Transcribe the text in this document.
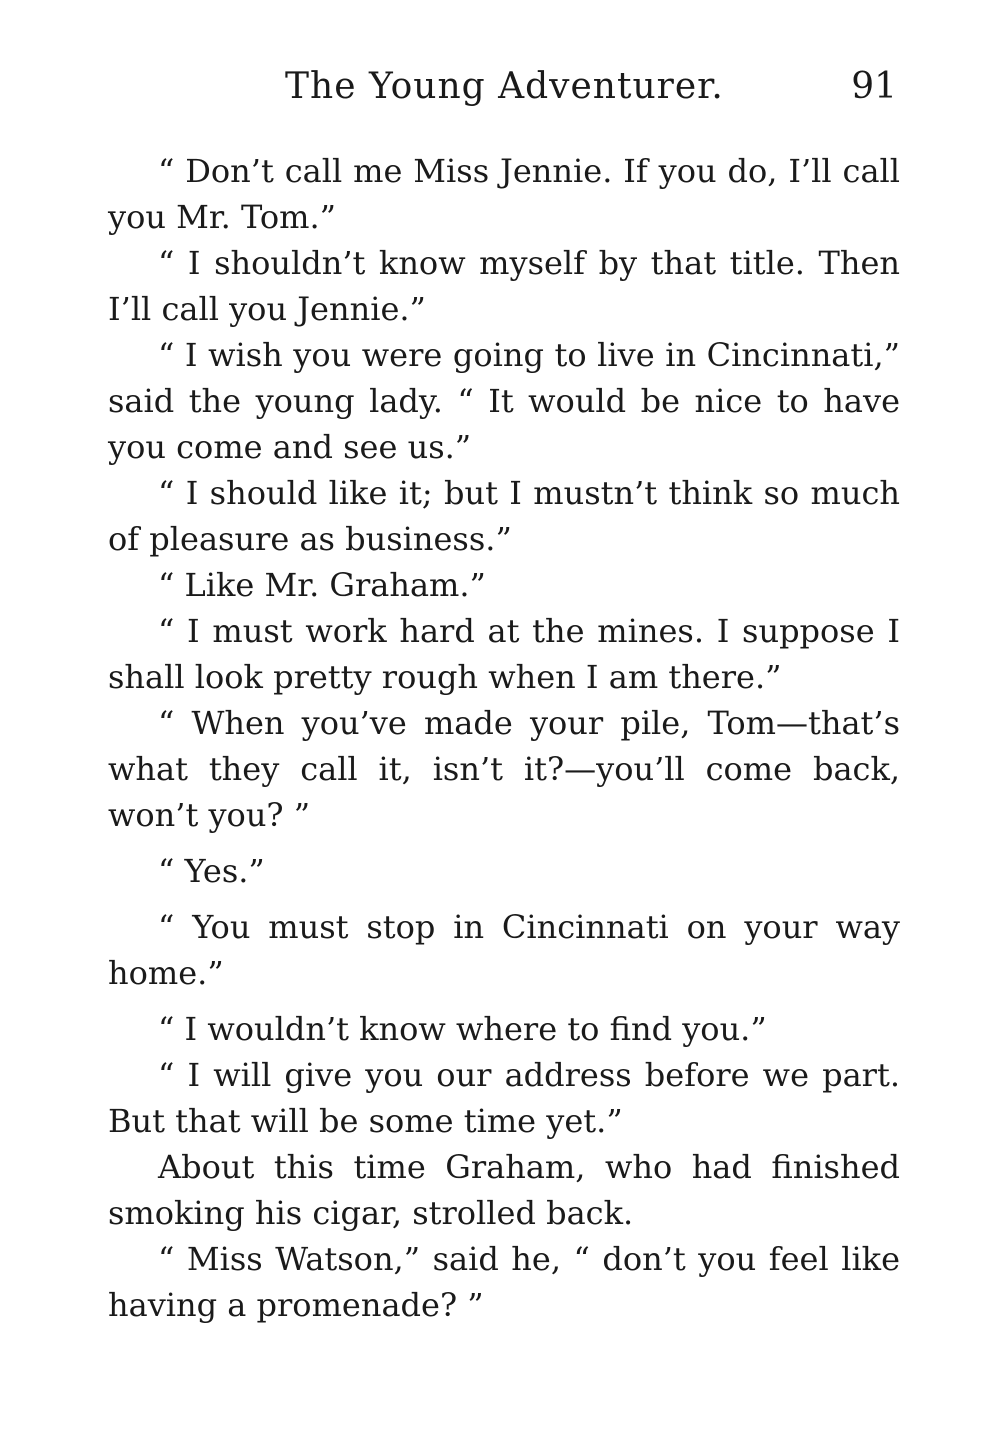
The Young Adventurer.	91

“ Don’t call me Miss Jennie. If you do, I’ll call you Mr. Tom.”

“ I shouldn’t know myself by that title. Then I’ll call you Jennie.”

“ I wish you were going to live in Cincinnati,” said the young lady. “ It would be nice to have you come and see us.”

“ I should like it; but I mustn’t think so much of pleasure as business.”

“ Like Mr. Graham.”

“ I must work hard at the mines. I suppose I shall look pretty rough when I am there.”

“ When you’ve made your pile, Tom—that’s what they call it, isn’t it?—you’ll come back, won’t you? ”

“ Yes.”

“ You must stop in Cincinnati on your way home.”

“ I wouldn’t know where to find you.”

“ I will give you our address before we part. But that will be some time yet.”

About this time Graham, who had finished smoking his cigar, strolled back.

“ Miss Watson,” said he, “ don’t you feel like having a promenade? ”
